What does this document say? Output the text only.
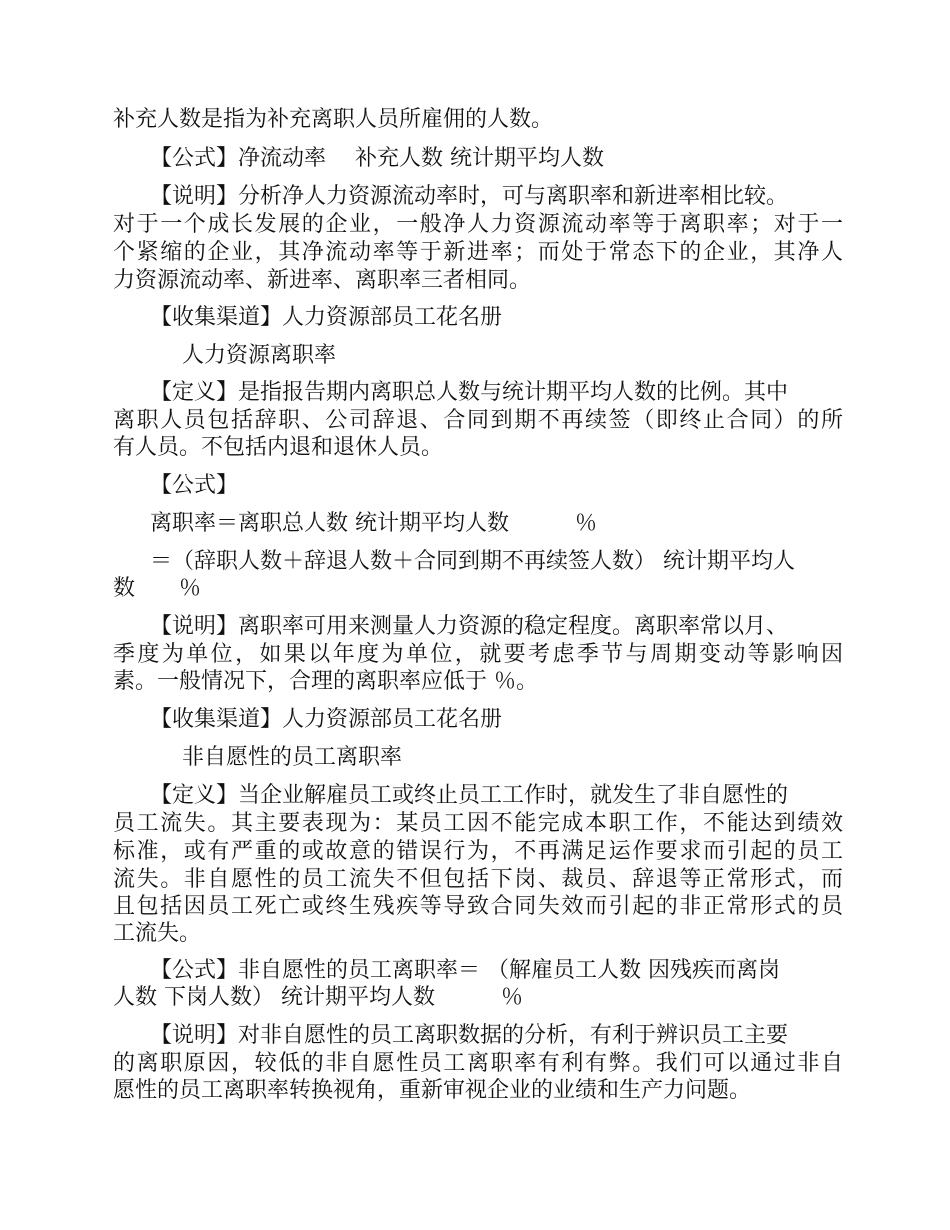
补充人数是指为补充离职人员所雇佣的人数。
【公式】净流动率　 补充人数 统计期平均人数
【说明】分析净人力资源流动率时，可与离职率和新进率相比较。
对于一个成长发展的企业，一般净人力资源流动率等于离职率；对于一
个紧缩的企业，其净流动率等于新进率；而处于常态下的企业，其净人
力资源流动率、新进率、离职率三者相同。
【收集渠道】人力资源部员工花名册
人力资源离职率
【定义】是指报告期内离职总人数与统计期平均人数的比例。其中
离职人员包括辞职、公司辞退、合同到期不再续签（即终止合同）的所
有人员。不包括内退和退休人员。
【公式】
离职率＝离职总人数 统计期平均人数　　　％
＝（辞职人数＋辞退人数＋合同到期不再续签人数） 统计期平均人
数　　％
【说明】离职率可用来测量人力资源的稳定程度。离职率常以月、
季度为单位，如果以年度为单位，就要考虑季节与周期变动等影响因
素。一般情况下，合理的离职率应低于 ％。
【收集渠道】人力资源部员工花名册
非自愿性的员工离职率
【定义】当企业解雇员工或终止员工工作时，就发生了非自愿性的
员工流失。其主要表现为：某员工因不能完成本职工作，不能达到绩效
标准，或有严重的或故意的错误行为，不再满足运作要求而引起的员工
流失。非自愿性的员工流失不但包括下岗、裁员、辞退等正常形式，而
且包括因员工死亡或终生残疾等导致合同失效而引起的非正常形式的员
工流失。
【公式】非自愿性的员工离职率＝ （解雇员工人数 因残疾而离岗
人数 下岗人数） 统计期平均人数　　　％
【说明】对非自愿性的员工离职数据的分析，有利于辨识员工主要
的离职原因，较低的非自愿性员工离职率有利有弊。我们可以通过非自
愿性的员工离职率转换视角，重新审视企业的业绩和生产力问题。
